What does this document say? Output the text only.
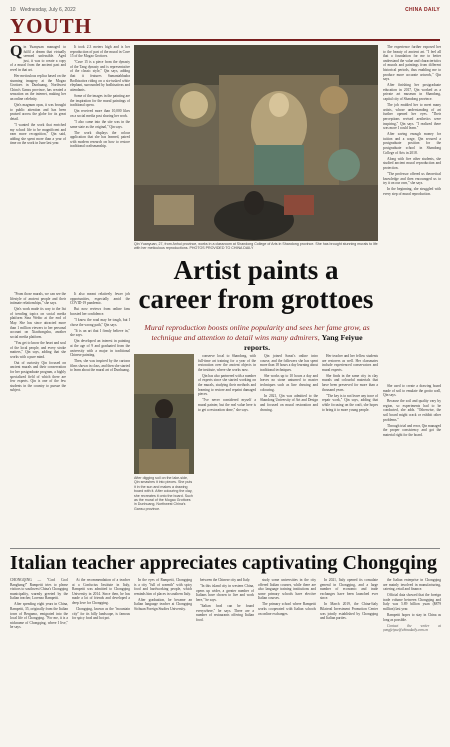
10 Wednesday, July 6, 2022	CHINA DAILY
YOUTH
Q in Yuanyuan managed to fulfil a dream that virtually seemed unfeasible. Aged just, it was to create a copy of a mural from the ancient past and revel in that art.

Her meticulous replica based on the stunning imagery at the Mogao Grottoes in Dunhuang, Northwest China's Gansu province, has created a sensation on the internet, making her an online celebrity.

Qin's magnum opus, it was brought to public attention and has been praised across the globe for its great detail.

"I wanted the work that enriched my school life to be magnificent and earn more recognition," Qin said, adding she spent more than a year of time on the work in June last year.

It took 2.3 meters high and is her reproduction of part of the mural in Cave 15 of the Mogao Grottoes.

"Cave 15 is a piece from the dynasty of the Tang dynasty and is representative of the classic style," Qin says, adding that it features Samantabhadra Bodhisattva riding on a six-tusked white elephant, surrounded by bodhisattvas and attendants.

Some of the images in the painting are the inspiration for the mural paintings of traditional opera.

Qin received more than 10,000 likes on a social media post sharing her work.

"I also came into the site was in the same state as the original," Qin says.

The work displays the colour application that she has learned, paired with modern research on how to restore traditional craftsmanship.

Qin Yuanyuan, 27, from Anhui province, works in a classroom at Shandong College of Arts in Shandong province. She has brought stunning murals to life with her meticulous reproductions. PHOTOS PROVIDED TO CHINA DAILY
Artist paints a career from grottoes
Mural reproduction boosts online popularity and sees her fame grow, as technique and attention to detail wins many admirers, Yang Feiyue reports.

"From those murals, we can see the lifestyle of ancient people and their intimate relationships," she says.

Qin's work made its way to the list of trending topics on social media platform Sina Weibo at the end of May. She has since attracted more than 1 million viewers to her personal account on Xiaohongshu, another social media platform.

"You get to know the heart and soul of the local people, and every stroke matters," Qin says, adding that she works with a pure mind.

Out of curiosity Qin focused on ancient murals and their conservation for her postgraduate program, a highly specialized field of which there are few experts. Qin is one of the few students in the country to pursue the subject.

It also meant relatively fewer job opportunities, especially amid the COVID-19 pandemic.

But now reviews from online fans boosted her confidence.

"I know the road may be tough, but I chose the wrong path," Qin says.

"It is an art that I firmly believe in," she says.

Qin developed an interest in painting at the age of 9 and graduated from the university with a major in traditional Chinese painting.

Then, she was inspired by the cartoon films shown in class, and then she started to learn about the mural art of Dunhuang.

After digging soil on the lake-side, Qin smashes it into pieces. She puts it in the sun and makes a drawing board with it. After colouring the clay, she recreates it onto the board. Such as the mural of the Mogao Grottoes in Dunhuang, Northwest China's Gansu province.

conserve local to Shandong, with full-time art training for a year of the restoration over the ancient objects in the institute, where she works now.

Qin has also partnered with a number of experts since she started working on the murals, studying their methods and learning to restore and repaint damaged pieces.

"I've never considered myself a mural painter, but the real value here is to get a restoration done," she says.

Qin joined Sanxi's online intro course, and the followers she has spent more than 18 hours a day learning about traditional techniques.

She works up to 10 hours a day and leaves no stone unturned to master techniques such as line drawing and colouring.

In 2021, Qin was admitted to the Shandong University of Art and Design and focused on mural restoration and drawing.

Her teacher and her fellow students are restorers as well. Her classmates include experienced conservators and mural experts.

She finds in the same city in clay murals and colourful materials that have been preserved for more than a thousand years.

"The key is to not leave any trace of repair work," Qin says, adding that while focusing on the craft, she hopes to bring it to more young people.

The experience further exposed her to the beauty of ancient art. "I feel all that a foundation for me to better understand the value and characteristics of murals and paintings from different historical periods, thus enabling me to produce more accurate artwork," Qin says.

After finishing her postgraduate education in 2017, Qin worked as a private art museum in Shandong, capital city of Shandong province.

The job enabled her to meet many artists, whose understanding of art further opened her eyes. "Their perceptions revised aesthetics were inspiring," Qin says. "I realized there was more I could learn."

After saving enough money for tuition and a wage, Qin secured a postgraduate position for the postgraduate school in Shandong College of Arts in 2018.

Along with five other students, she studied ancient mural reproduction and protection.

"The professor offered us theoretical knowledge and then encouraged us to try it on our own," she says.

In the beginning, she struggled with every step of mural reproduction.

She used to create a drawing board made of soil to emulate the grotto wall, Qin says.

Because the soil and quality vary by region, so experiments had to be conducted, she adds. "Otherwise, the soil board might crack or exhibit other problems."

Through trial and error, Qin managed the proper consistency and got the material right for the board.

Italian teacher appreciates captivating Chongqing

CHONGQING — "Cool Cool Bangbang!" Rampetti tries to please visitors to southwest China's Chongqing municipality, warmly greeted by the Italian teacher, Lorenzo Rampetti.

After spending eight years in China, Rampetti, 35, originally from the Italian town of Bergamo, emigrated into the local life of Chongqing. "For me, it is a nickname of Chongqing, where I live," he says.

At the recommendation of a teacher at a Confucius Institute in Italy, Rampetti was admitted to Chongqing University in 2014. Since then, he has made a lot of friends and developed a deep love for Chongqing.

Chongqing, known as the "mountain city" for its hilly landscape, is famous for spicy food and hot pot.

In the eyes of Rampetti, Chongqing is a city "full of warmth" with spicy food and hardworking people, which reminds him of places in southern Italy.

After graduation, he became an Italian language teacher at Chongqing Sichuan Foreign Studies University.

between the Chinese city and Italy.

"In this island city in western China, opens up wider, a greater number of Italians have chosen to live and work here," he says.

"Italian food can be found everywhere," he says. There are a number of restaurants offering Italian food.

study some universities in the city offered Italian courses, while there are also language training institutions and some primary schools have elective Italian courses.

The primary school where Rampetti works cooperated with Italian schools on online exchanges.

In 2021, Italy opened its consulate general in Chongqing, and a large number of economic and trade exchanges have been launched ever since.

In March 2019, the China-Italy Bilateral Investment Promotion Center was jointly established by Chongqing and Italian parties.

the Italian enterprise in Chongqing are mainly involved in manufacturing, catering, retail and finance.

Official data showed that the foreign trade volume between Chongqing and Italy was 5.89 billion yuan ($879 million) last year.

Rampetti hopes to stay in China as long as possible.

Contact the writer at yangfeiyue@chinadaily.com.cn
